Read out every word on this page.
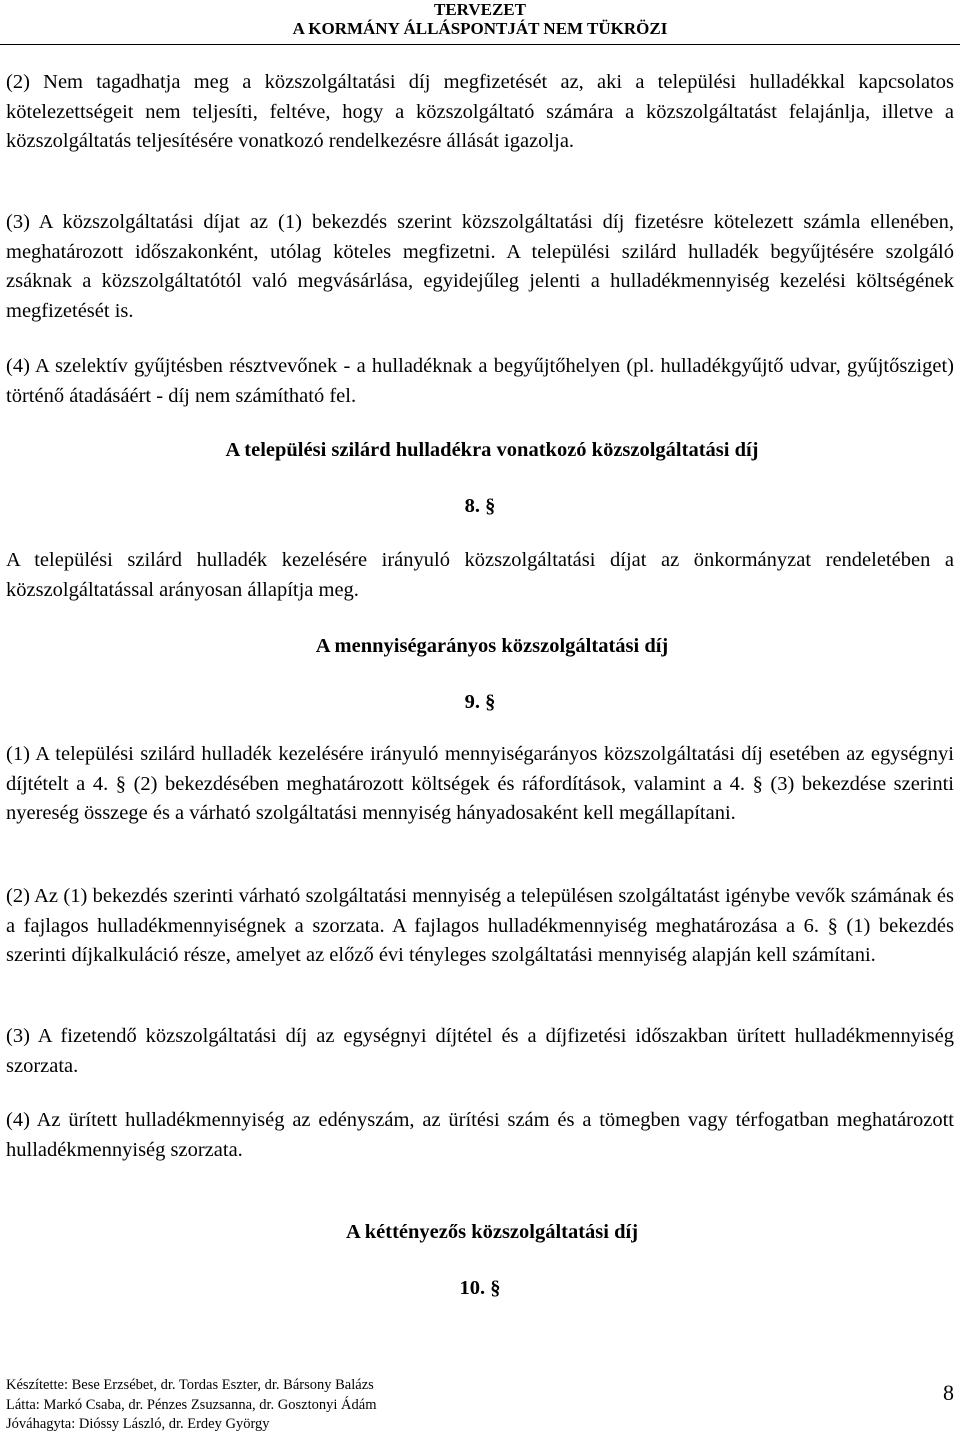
TERVEZET
A KORMÁNY ÁLLÁSPONTJÁT NEM TÜKRÖZI

(2) Nem tagadhatja meg a közszolgáltatási díj megfizetését az, aki a települési hulladékkal kapcsolatos kötelezettségeit nem teljesíti, feltéve, hogy a közszolgáltató számára a közszolgáltatást felajánlja, illetve a közszolgáltatás teljesítésére vonatkozó rendelkezésre állását igazolja.

(3) A közszolgáltatási díjat az (1) bekezdés szerint közszolgáltatási díj fizetésre kötelezett számla ellenében, meghatározott időszakonként, utólag köteles megfizetni. A települési szilárd hulladék begyűjtésére szolgáló zsáknak a közszolgáltatótól való megvásárlása, egyidejűleg jelenti a hulladékmennyiség kezelési költségének megfizetését is.

(4) A szelektív gyűjtésben résztvevőnek - a hulladéknak a begyűjtőhelyen (pl. hulladékgyűjtő udvar, gyűjtősziget) történő átadásáért - díj nem számítható fel.

A települési szilárd hulladékra vonatkozó közszolgáltatási díj
8. §

A települési szilárd hulladék kezelésére irányuló közszolgáltatási díjat az önkormányzat rendeletében a közszolgáltatással arányosan állapítja meg.

A mennyiségarányos közszolgáltatási díj
9. §

(1) A települési szilárd hulladék kezelésére irányuló mennyiségarányos közszolgáltatási díj esetében az egységnyi díjtételt a 4. § (2) bekezdésében meghatározott költségek és ráfordítások, valamint a 4. § (3) bekezdése szerinti nyereség összege és a várható szolgáltatási mennyiség hányadosaként kell megállapítani.

(2) Az (1) bekezdés szerinti várható szolgáltatási mennyiség a településen szolgáltatást igénybe vevők számának és a fajlagos hulladékmennyiségnek a szorzata. A fajlagos hulladékmennyiség meghatározása a 6. § (1) bekezdés szerinti díjkalkuláció része, amelyet az előző évi tényleges szolgáltatási mennyiség alapján kell számítani.

(3) A fizetendő közszolgáltatási díj az egységnyi díjtétel és a díjfizetési időszakban ürített hulladékmennyiség szorzata.

(4) Az ürített hulladékmennyiség az edényszám, az ürítési szám és a tömegben vagy térfogatban meghatározott hulladékmennyiség szorzata.

A kéttényezős közszolgáltatási díj
10. §
Készítette: Bese Erzsébet, dr. Tordas Eszter, dr. Bársony Balázs
Látta: Markó Csaba, dr. Pénzes Zsuzsanna, dr. Gosztonyi Ádám
Jóváhagyta: Dióssy László, dr. Erdey György
8
